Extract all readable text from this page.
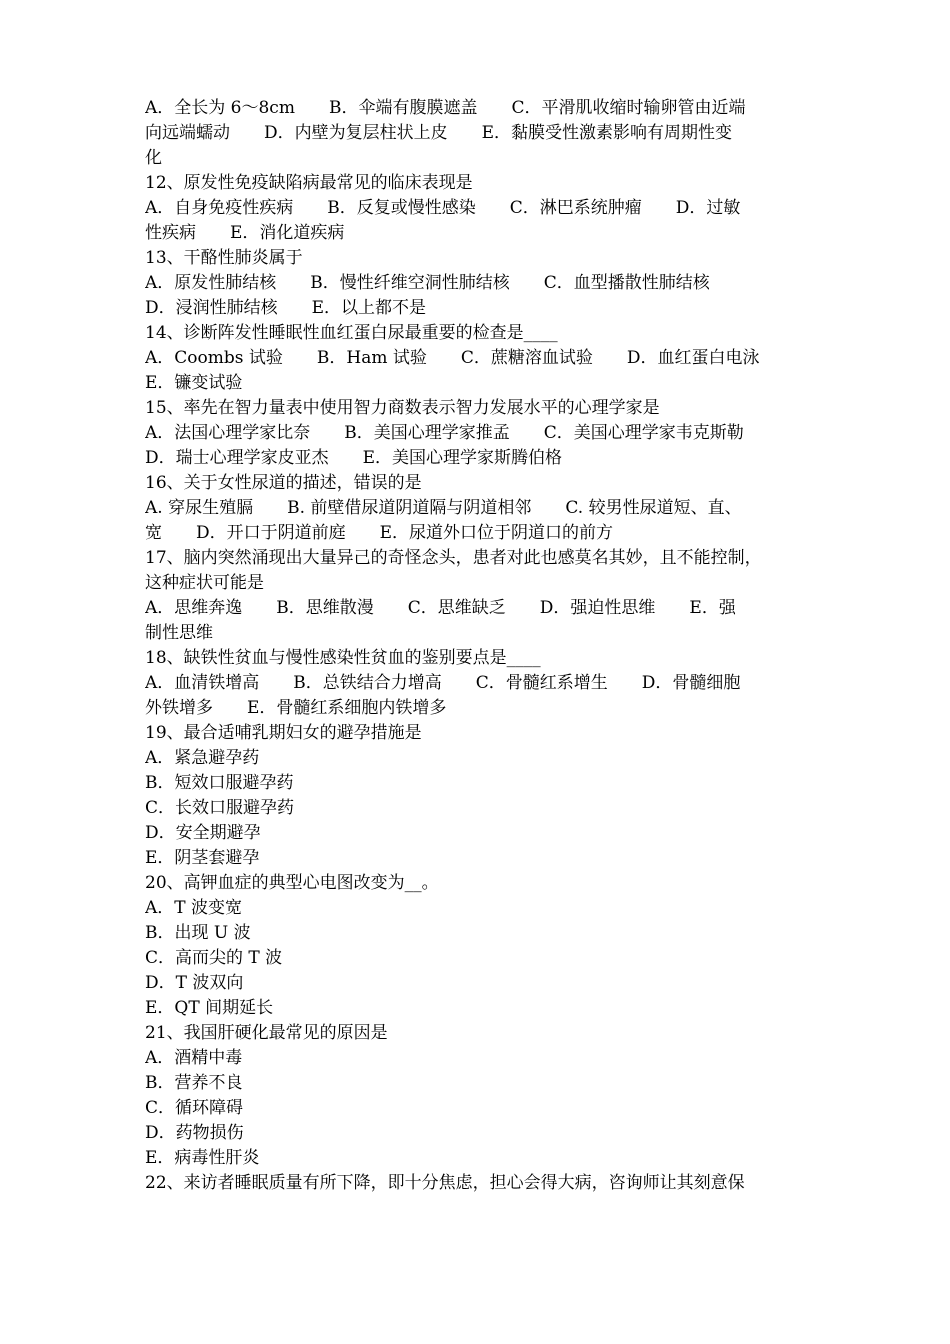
A．全长为 6～8cm　　B．伞端有腹膜遮盖　　C．平滑肌收缩时输卵管由近端
向远端蠕动　　D．内壁为复层柱状上皮　　E．黏膜受性激素影响有周期性变
化
12、原发性免疫缺陷病最常见的临床表现是
A．自身免疫性疾病　　B．反复或慢性感染　　C．淋巴系统肿瘤　　D．过敏
性疾病　　E．消化道疾病
13、干酪性肺炎属于
A．原发性肺结核　　B．慢性纤维空洞性肺结核　　C．血型播散性肺结核
D．浸润性肺结核　　E．以上都不是
14、诊断阵发性睡眠性血红蛋白尿最重要的检查是____
A．Coombs 试验　　B．Ham 试验　　C．蔗糖溶血试验　　D．血红蛋白电泳
E．镰变试验
15、率先在智力量表中使用智力商数表示智力发展水平的心理学家是
A．法国心理学家比奈　　B．美国心理学家推孟　　C．美国心理学家韦克斯勒
D．瑞士心理学家皮亚杰　　E．美国心理学家斯腾伯格
16、关于女性尿道的描述，错误的是
A. 穿尿生殖膈　　B. 前壁借尿道阴道隔与阴道相邻　　C. 较男性尿道短、直、
宽　　D．开口于阴道前庭　　E．尿道外口位于阴道口的前方
17、脑内突然涌现出大量异己的奇怪念头，患者对此也感莫名其妙，且不能控制，
这种症状可能是
A．思维奔逸　　B．思维散漫　　C．思维缺乏　　D．强迫性思维　　E．强
制性思维
18、缺铁性贫血与慢性感染性贫血的鉴别要点是____
A．血清铁增高　　B．总铁结合力增高　　C．骨髓红系增生　　D．骨髓细胞
外铁增多　　E．骨髓红系细胞内铁增多
19、最合适哺乳期妇女的避孕措施是
A．紧急避孕药
B．短效口服避孕药
C．长效口服避孕药
D．安全期避孕
E．阴茎套避孕
20、高钾血症的典型心电图改变为__。
A．T 波变宽
B．出现 U 波
C．高而尖的 T 波
D．T 波双向
E．QT 间期延长
21、我国肝硬化最常见的原因是
A．酒精中毒
B．营养不良
C．循环障碍
D．药物损伤
E．病毒性肝炎
22、来访者睡眠质量有所下降，即十分焦虑，担心会得大病，咨询师让其刻意保
